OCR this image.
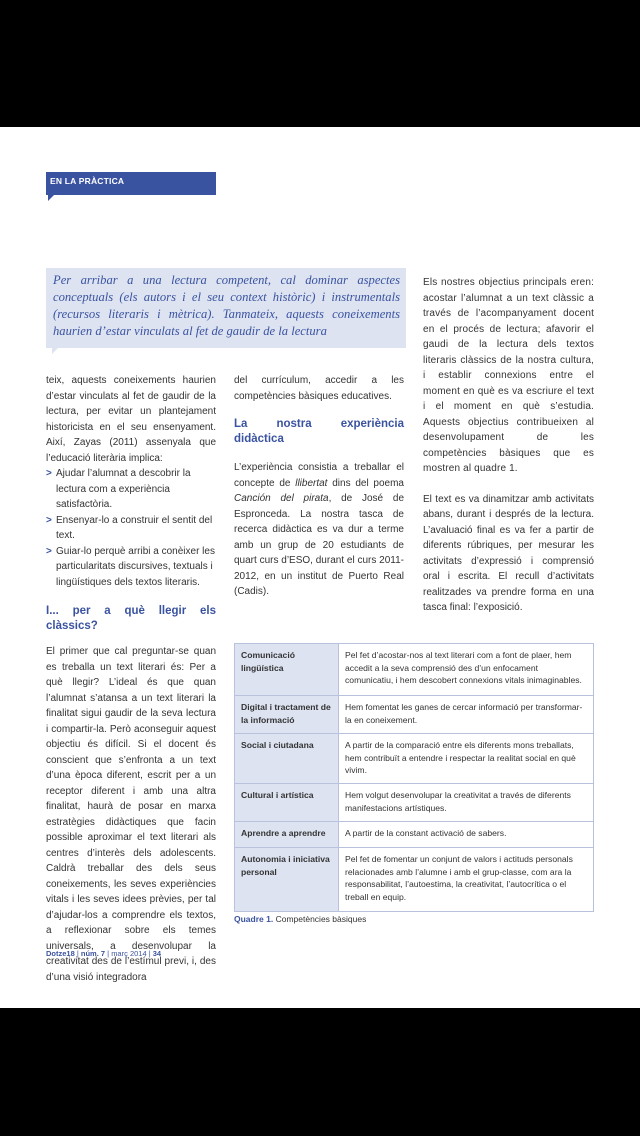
EN LA PRÀCTICA

Per arribar a una lectura competent, cal dominar aspectes conceptuals (els autors i el seu context històric) i instrumentals (recursos literaris i mètrica). Tanmateix, aquests coneixements haurien d’estar vinculats al fet de gaudir de la lectura

teix, aquests coneixements haurien d’estar vinculats al fet de gaudir de la lectura, per evitar un plantejament historicista en el seu ensenyament. Així, Zayas (2011) assenyala que l’educació literària implica:

> Ajudar l’alumnat a descobrir la lectura com a experiència satisfactòria.
> Ensenyar-lo a construir el sentit del text.
> Guiar-lo perquè arribi a conèixer les particularitats discursives, textuals i lingüístiques dels textos literaris.
I... per a què llegir els clàssics?

El primer que cal preguntar-se quan es treballa un text literari és: Per a què llegir? L’ideal és que quan l’alumnat s’atansa a un text literari la finalitat sigui gaudir de la seva lectura i compartir-la. Però aconseguir aquest objectiu és difícil. Si el docent és conscient que s’enfronta a un text d’una època diferent, escrit per a un receptor diferent i amb una altra finalitat, haurà de posar en marxa estratègies didàctiques que facin possible aproximar el text literari als centres d’interès dels adolescents. Caldrà treballar des dels seus coneixements, les seves experiències vitals i les seves idees prèvies, per tal d’ajudar-los a comprendre els textos, a reflexionar sobre els temes universals, a desenvolupar la creativitat des de l’estímul previ, i, des d’una visió integradora

del currículum, accedir a les competències bàsiques educatives.

La nostra experiència didàctica

L’experiència consistia a treballar el concepte de llibertat dins del poema Canción del pirata, de José de Espronceda. La nostra tasca de recerca didàctica es va dur a terme amb un grup de 20 estudiants de quart curs d’ESO, durant el curs 2011-2012, en un institut de Puerto Real (Cadis).

Els nostres objectius principals eren: acostar l’alumnat a un text clàssic a través de l’acompanyament docent en el procés de lectura; afavorir el gaudi de la lectura dels textos literaris clàssics de la nostra cultura, i establir connexions entre el moment en què es va escriure el text i el moment en què s’estudia. Aquests objectius contribueixen al desenvolupament de les competències bàsiques que es mostren al quadre 1.

El text es va dinamitzar amb activitats abans, durant i després de la lectura. L’avaluació final es va fer a partir de diferents rúbriques, per mesurar les activitats d’expressió i comprensió oral i escrita. El recull d’activitats realitzades va prendre forma en una tasca final: l’exposició.

Comunicació lingüística	Pel fet d’acostar-nos al text literari com a font de plaer, hem accedit a la seva comprensió des d’un enfocament comunicatiu, i hem descobert connexions vitals inimaginables.
Digital i tractament de la informació	Hem fomentat les ganes de cercar informació per transformar-la en coneixement.
Social i ciutadana	A partir de la comparació entre els diferents mons treballats, hem contribuït a entendre i respectar la realitat social en què vivim.
Cultural i artística	Hem volgut desenvolupar la creativitat a través de diferents manifestacions artístiques.
Aprendre a aprendre	A partir de la constant activació de sabers.
Autonomia i iniciativa personal	Pel fet de fomentar un conjunt de valors i actituds personals relacionades amb l’alumne i amb el grup-classe, com ara la responsabilitat, l’autoestima, la creativitat, l’autocrítica o el treball en equip.
Quadre 1. Competències bàsiques
Dotze18 | núm. 7 | març 2014 | 34
